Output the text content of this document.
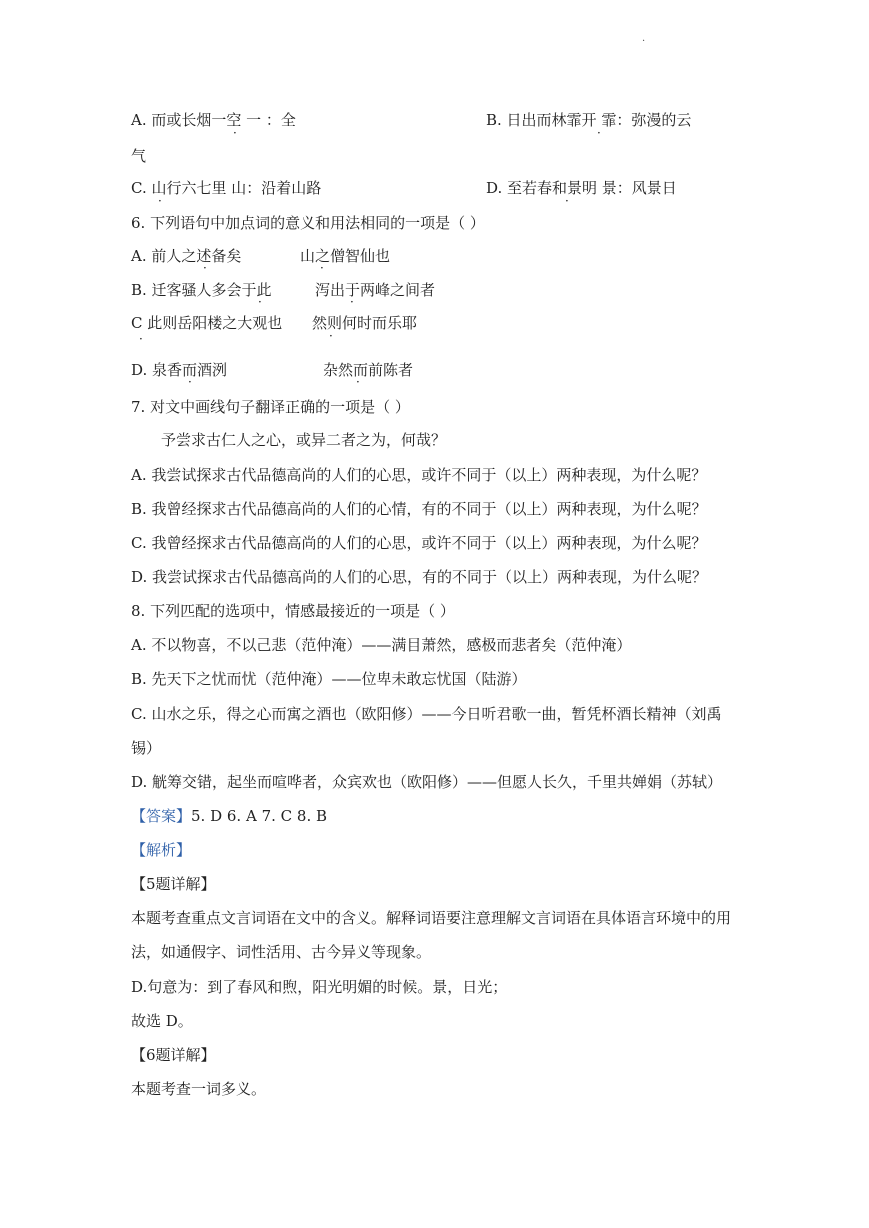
·
A. 而或长烟一空 一 ：全
·
B. 日出而林霏开 霏：弥漫的云
·
气
C. 山行六七里 山：沿着山路
·
D. 至若春和景明 景：风景日
·
6. 下列语句中加点词的意义和用法相同的一项是（ ）
A. 前人之述备矣
·
山之僧智仙也
·
B. 迁客骚人多会于此
·
泻出于两峰之间者
·
C 此则岳阳楼之大观也
·
然则何时而乐耶
·
D. 泉香而酒洌
·
杂然而前陈者
·
7. 对文中画线句子翻译正确的一项是（ ）
予尝求古仁人之心，或异二者之为，何哉？
A. 我尝试探求古代品德高尚的人们的心思，或许不同于（以上）两种表现，为什么呢？
B. 我曾经探求古代品德高尚的人们的心情，有的不同于（以上）两种表现，为什么呢？
C. 我曾经探求古代品德高尚的人们的心思，或许不同于（以上）两种表现，为什么呢？
D. 我尝试探求古代品德高尚的人们的心思，有的不同于（以上）两种表现，为什么呢？
8. 下列匹配的选项中，情感最接近的一项是（ ）
A. 不以物喜，不以己悲（范仲淹）——满目萧然，感极而悲者矣（范仲淹）
B. 先天下之忧而忧（范仲淹）——位卑未敢忘忧国（陆游）
C. 山水之乐，得之心而寓之酒也（欧阳修）——今日听君歌一曲，暂凭杯酒长精神（刘禹
锡）
D. 觥筹交错，起坐而喧哗者，众宾欢也（欧阳修）——但愿人长久，千里共婵娟（苏轼）
【答案】5. D 6. A 7. C 8. B
【解析】
【5题详解】
本题考查重点文言词语在文中的含义。解释词语要注意理解文言词语在具体语言环境中的用
法，如通假字、词性活用、古今异义等现象。
D.句意为：到了春风和煦，阳光明媚的时候。景，日光；
故选 D。
【6题详解】
本题考查一词多义。
